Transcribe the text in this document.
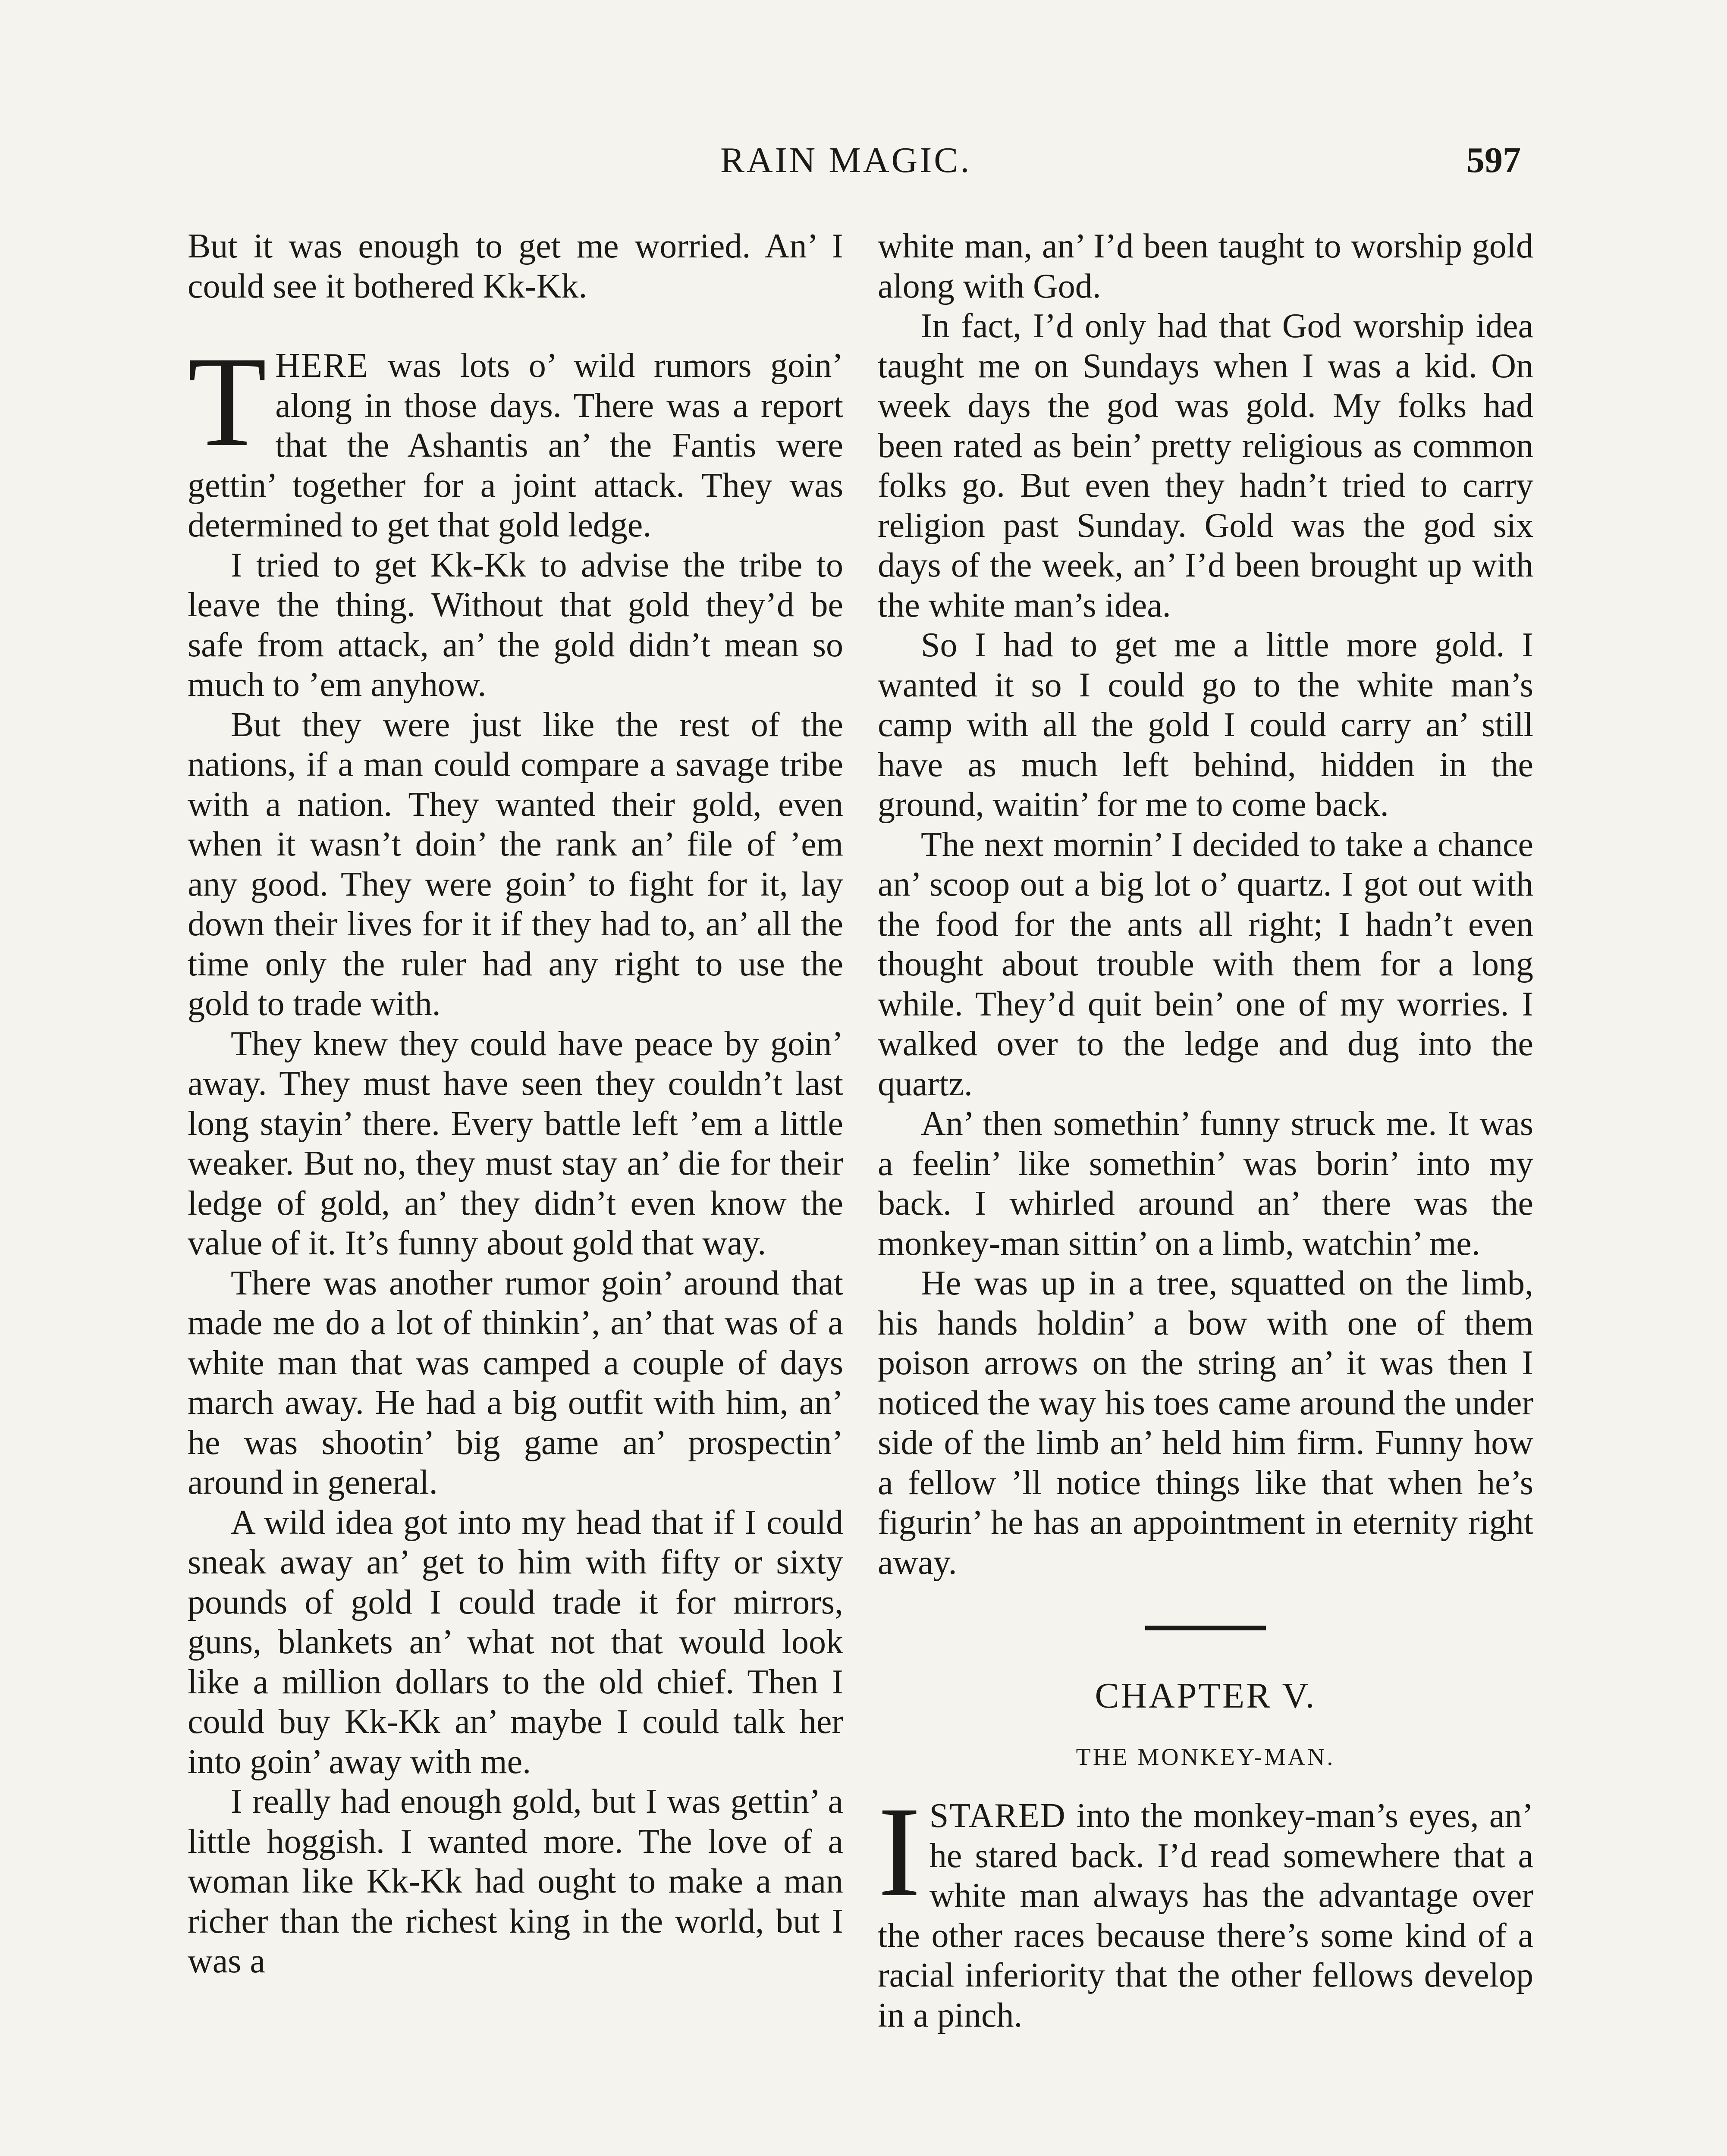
RAIN MAGIC.	597

But it was enough to get me worried. An’ I could see it bothered Kk-Kk.

THERE was lots o’ wild rumors goin’ along in those days. There was a report that the Ashantis an’ the Fantis were gettin’ together for a joint attack. They was determined to get that gold ledge.

I tried to get Kk-Kk to advise the tribe to leave the thing. Without that gold they’d be safe from attack, an’ the gold didn’t mean so much to ’em anyhow.

But they were just like the rest of the nations, if a man could compare a savage tribe with a nation. They wanted their gold, even when it wasn’t doin’ the rank an’ file of ’em any good. They were goin’ to fight for it, lay down their lives for it if they had to, an’ all the time only the ruler had any right to use the gold to trade with.

They knew they could have peace by goin’ away. They must have seen they couldn’t last long stayin’ there. Every battle left ’em a little weaker. But no, they must stay an’ die for their ledge of gold, an’ they didn’t even know the value of it. It’s funny about gold that way.

There was another rumor goin’ around that made me do a lot of thinkin’, an’ that was of a white man that was camped a couple of days march away. He had a big outfit with him, an’ he was shootin’ big game an’ prospectin’ around in general.

A wild idea got into my head that if I could sneak away an’ get to him with fifty or sixty pounds of gold I could trade it for mirrors, guns, blankets an’ what not that would look like a million dollars to the old chief. Then I could buy Kk-Kk an’ maybe I could talk her into goin’ away with me.

I really had enough gold, but I was gettin’ a little hoggish. I wanted more. The love of a woman like Kk-Kk had ought to make a man richer than the richest king in the world, but I was a

white man, an’ I’d been taught to worship gold along with God.

In fact, I’d only had that God worship idea taught me on Sundays when I was a kid. On week days the god was gold. My folks had been rated as bein’ pretty religious as common folks go. But even they hadn’t tried to carry religion past Sunday. Gold was the god six days of the week, an’ I’d been brought up with the white man’s idea.

So I had to get me a little more gold. I wanted it so I could go to the white man’s camp with all the gold I could carry an’ still have as much left behind, hidden in the ground, waitin’ for me to come back.

The next mornin’ I decided to take a chance an’ scoop out a big lot o’ quartz. I got out with the food for the ants all right; I hadn’t even thought about trouble with them for a long while. They’d quit bein’ one of my worries. I walked over to the ledge and dug into the quartz.

An’ then somethin’ funny struck me. It was a feelin’ like somethin’ was borin’ into my back. I whirled around an’ there was the monkey-man sittin’ on a limb, watchin’ me.

He was up in a tree, squatted on the limb, his hands holdin’ a bow with one of them poison arrows on the string an’ it was then I noticed the way his toes came around the under side of the limb an’ held him firm. Funny how a fellow ’ll notice things like that when he’s figurin’ he has an appointment in eternity right away.

CHAPTER V.
THE MONKEY-MAN.

ISTARED into the monkey-man’s eyes, an’ he stared back. I’d read somewhere that a white man always has the advantage over the other races because there’s some kind of a racial inferiority that the other fellows develop in a pinch.
